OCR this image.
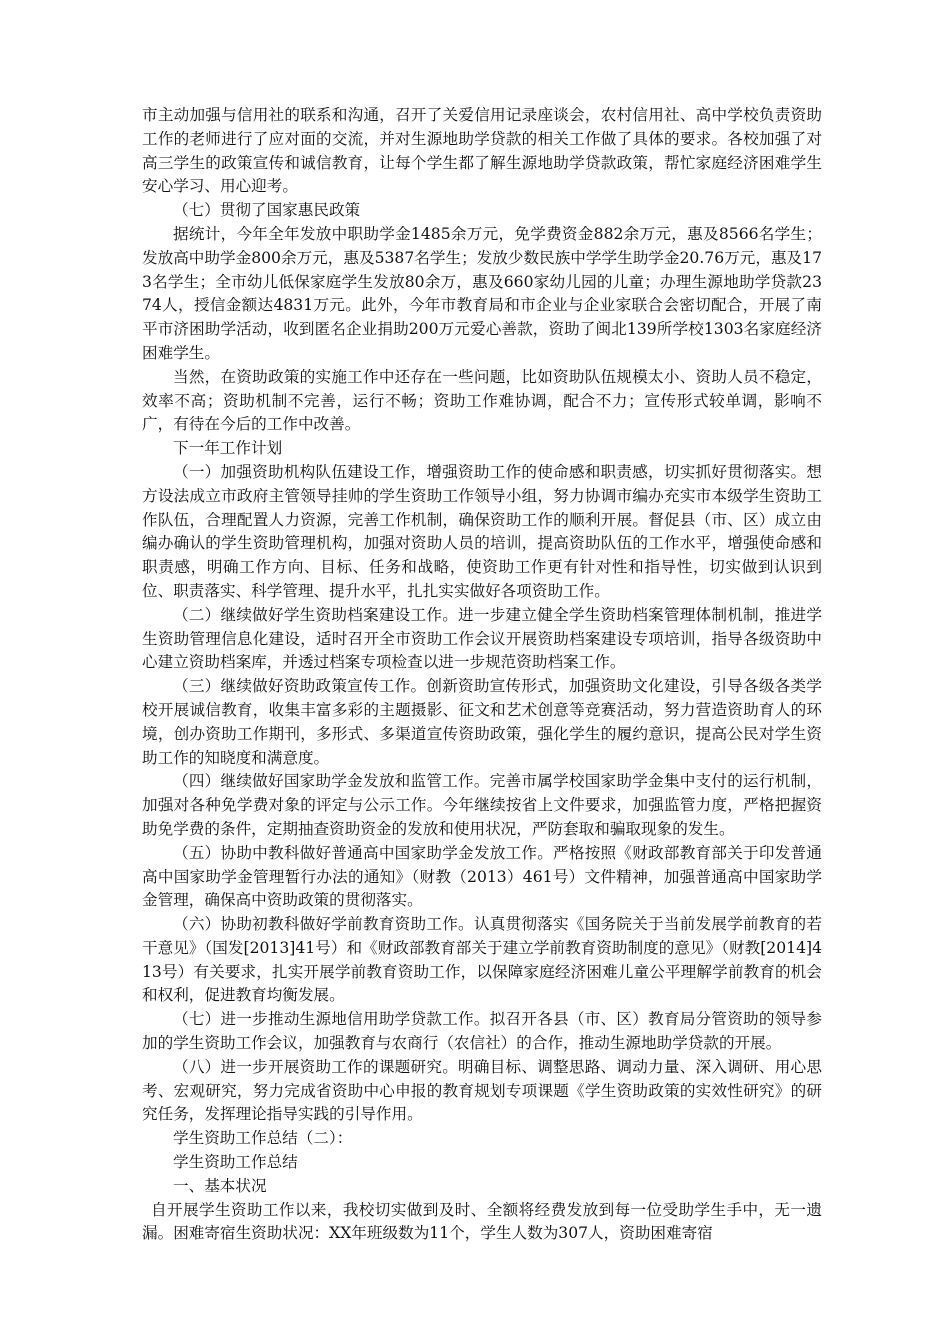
市主动加强与信用社的联系和沟通，召开了关爱信用记录座谈会，农村信用社、高中学校负责资助工作的老师进行了应对面的交流，并对生源地助学贷款的相关工作做了具体的要求。各校加强了对高三学生的政策宣传和诚信教育，让每个学生都了解生源地助学贷款政策，帮忙家庭经济困难学生安心学习、用心迎考。

（七）贯彻了国家惠民政策

据统计，今年全年发放中职助学金1485余万元，免学费资金882余万元，惠及8566名学生；发放高中助学金800余万元，惠及5387名学生；发放少数民族中学学生助学金20.76万元，惠及173名学生；全市幼儿低保家庭学生发放80余万，惠及660家幼儿园的儿童；办理生源地助学贷款2374人，授信金额达4831万元。此外，今年市教育局和市企业与企业家联合会密切配合，开展了南平市济困助学活动，收到匿名企业捐助200万元爱心善款，资助了闽北139所学校1303名家庭经济困难学生。

当然，在资助政策的实施工作中还存在一些问题，比如资助队伍规模太小、资助人员不稳定，效率不高；资助机制不完善，运行不畅；资助工作难协调，配合不力；宣传形式较单调，影响不广，有待在今后的工作中改善。

下一年工作计划

（一）加强资助机构队伍建设工作，增强资助工作的使命感和职责感，切实抓好贯彻落实。想方设法成立市政府主管领导挂帅的学生资助工作领导小组，努力协调市编办充实市本级学生资助工作队伍，合理配置人力资源，完善工作机制，确保资助工作的顺利开展。督促县（市、区）成立由编办确认的学生资助管理机构，加强对资助人员的培训，提高资助队伍的工作水平，增强使命感和职责感，明确工作方向、目标、任务和战略，使资助工作更有针对性和指导性，切实做到认识到位、职责落实、科学管理、提升水平，扎扎实实做好各项资助工作。

（二）继续做好学生资助档案建设工作。进一步建立健全学生资助档案管理体制机制，推进学生资助管理信息化建设，适时召开全市资助工作会议开展资助档案建设专项培训，指导各级资助中心建立资助档案库，并透过档案专项检查以进一步规范资助档案工作。

（三）继续做好资助政策宣传工作。创新资助宣传形式，加强资助文化建设，引导各级各类学校开展诚信教育，收集丰富多彩的主题摄影、征文和艺术创意等竞赛活动，努力营造资助育人的环境，创办资助工作期刊，多形式、多渠道宣传资助政策，强化学生的履约意识，提高公民对学生资助工作的知晓度和满意度。

（四）继续做好国家助学金发放和监管工作。完善市属学校国家助学金集中支付的运行机制，加强对各种免学费对象的评定与公示工作。今年继续按省上文件要求，加强监管力度，严格把握资助免学费的条件，定期抽查资助资金的发放和使用状况，严防套取和骗取现象的发生。

（五）协助中教科做好普通高中国家助学金发放工作。严格按照《财政部教育部关于印发普通高中国家助学金管理暂行办法的通知》（财教（2013）461号）文件精神，加强普通高中国家助学金管理，确保高中资助政策的贯彻落实。

（六）协助初教科做好学前教育资助工作。认真贯彻落实《国务院关于当前发展学前教育的若干意见》（国发[2013]41号）和《财政部教育部关于建立学前教育资助制度的意见》（财教[2014]413号）有关要求，扎实开展学前教育资助工作，以保障家庭经济困难儿童公平理解学前教育的机会和权利，促进教育均衡发展。

（七）进一步推动生源地信用助学贷款工作。拟召开各县（市、区）教育局分管资助的领导参加的学生资助工作会议，加强教育与农商行（农信社）的合作，推动生源地助学贷款的开展。

（八）进一步开展资助工作的课题研究。明确目标、调整思路、调动力量、深入调研、用心思考、宏观研究，努力完成省资助中心申报的教育规划专项课题《学生资助政策的实效性研究》的研究任务，发挥理论指导实践的引导作用。

学生资助工作总结（二）：

学生资助工作总结

一、基本状况

自开展学生资助工作以来，我校切实做到及时、全额将经费发放到每一位受助学生手中，无一遗漏。困难寄宿生资助状况：XX年班级数为11个，学生人数为307人，资助困难寄宿
